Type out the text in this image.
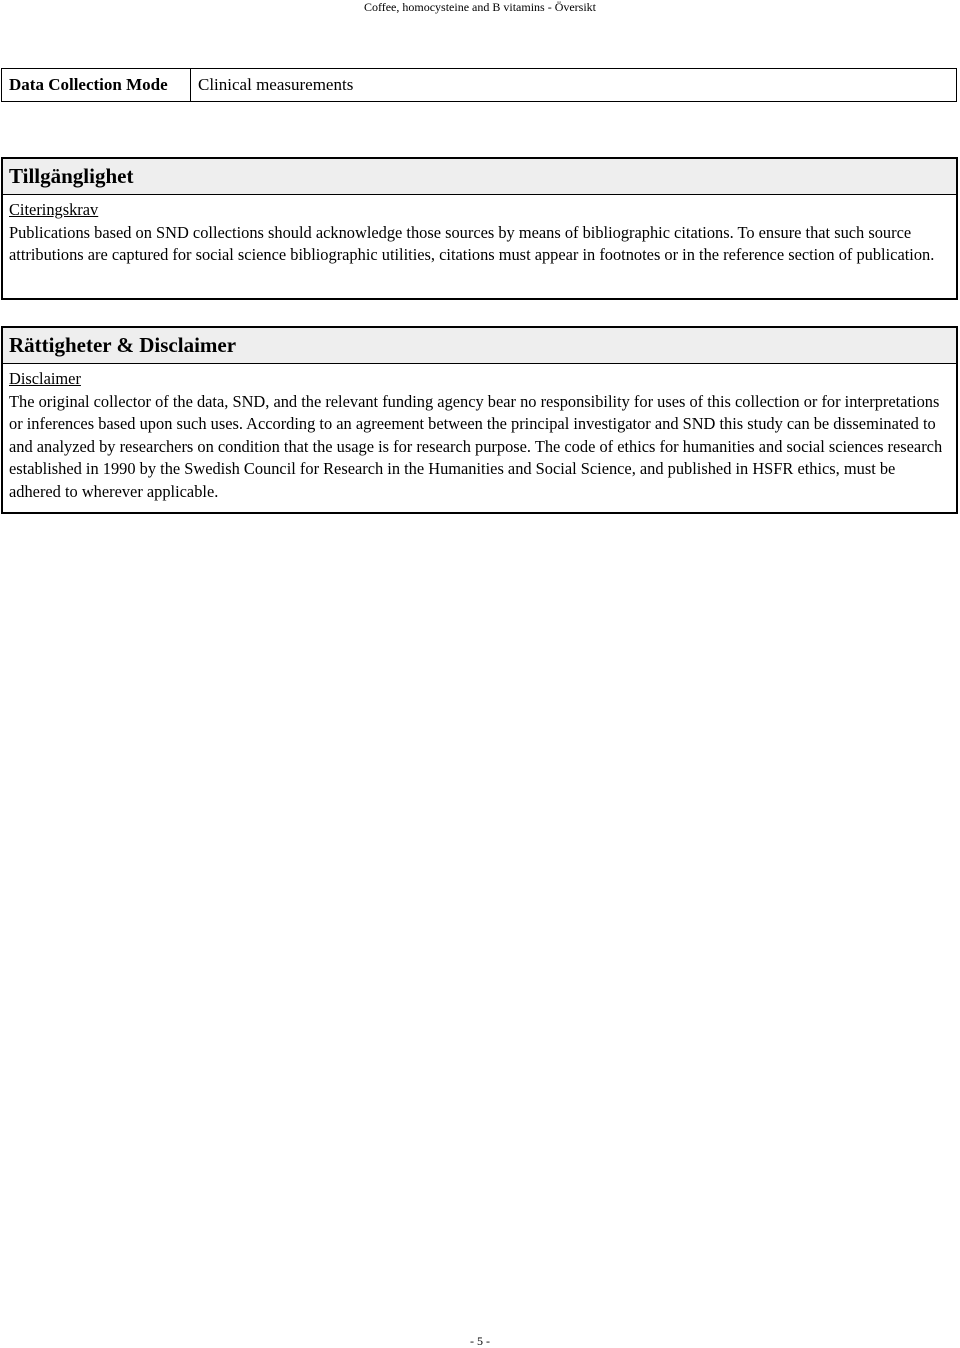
Coffee, homocysteine and B vitamins - Översikt
Data Collection Mode	Clinical measurements
Tillgänglighet
Citeringskrav

Publications based on SND collections should acknowledge those sources by means of bibliographic citations. To ensure that such source attributions are captured for social science bibliographic utilities, citations must appear in footnotes or in the reference section of publication.

Rättigheter & Disclaimer
Disclaimer

The original collector of the data, SND, and the relevant funding agency bear no responsibility for uses of this collection or for interpretations or inferences based upon such uses. According to an agreement between the principal investigator and SND this study can be disseminated to and analyzed by researchers on condition that the usage is for research purpose. The code of ethics for humanities and social sciences research established in 1990 by the Swedish Council for Research in the Humanities and Social Science, and published in HSFR ethics, must be adhered to wherever applicable.

- 5 -
